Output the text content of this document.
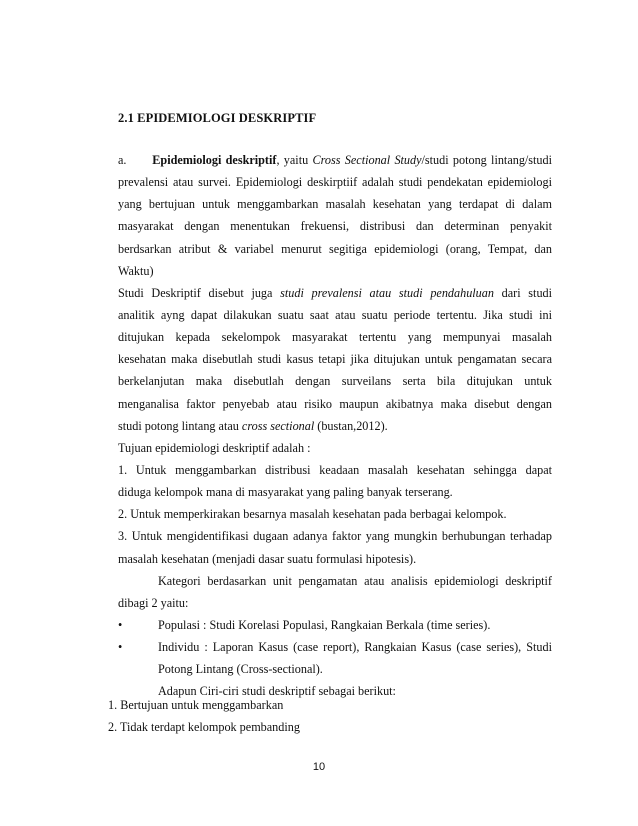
2.1 EPIDEMIOLOGI DESKRIPTIF
a. Epidemiologi deskriptif, yaitu Cross Sectional Study/studi potong lintang/studi
prevalensi atau survei. Epidemiologi deskirptiif adalah studi pendekatan epidemiologi
yang bertujuan untuk menggambarkan masalah kesehatan yang terdapat di dalam
masyarakat dengan menentukan frekuensi, distribusi dan determinan penyakit
berdsarkan atribut & variabel menurut segitiga epidemiologi (orang, Tempat, dan
Waktu)
Studi Deskriptif disebut juga studi prevalensi atau studi pendahuluan dari studi
analitik ayng dapat dilakukan suatu saat atau suatu periode tertentu. Jika studi ini
ditujukan kepada sekelompok masyarakat tertentu yang mempunyai masalah
kesehatan maka disebutlah studi kasus tetapi jika ditujukan untuk pengamatan secara
berkelanjutan maka disebutlah dengan surveilans serta bila ditujukan untuk
menganalisa faktor penyebab atau risiko maupun akibatnya maka disebut dengan
studi potong lintang atau cross sectional (bustan,2012).
Tujuan epidemiologi deskriptif adalah :
1. Untuk menggambarkan distribusi keadaan masalah kesehatan sehingga dapat
diduga kelompok mana di masyarakat yang paling banyak terserang.
2. Untuk memperkirakan besarnya masalah kesehatan pada berbagai kelompok.
3. Untuk mengidentifikasi dugaan adanya faktor yang mungkin berhubungan terhadap
masalah kesehatan (menjadi dasar suatu formulasi hipotesis).
Kategori berdasarkan unit pengamatan atau analisis epidemiologi deskriptif
dibagi 2 yaitu:
•	Populasi : Studi Korelasi Populasi, Rangkaian Berkala (time series).
•	Individu : Laporan Kasus (case report), Rangkaian Kasus (case series), Studi
Potong Lintang (Cross-sectional).
Adapun Ciri-ciri studi deskriptif sebagai berikut:
1. Bertujuan untuk menggambarkan
2. Tidak terdapt kelompok pembanding
10
